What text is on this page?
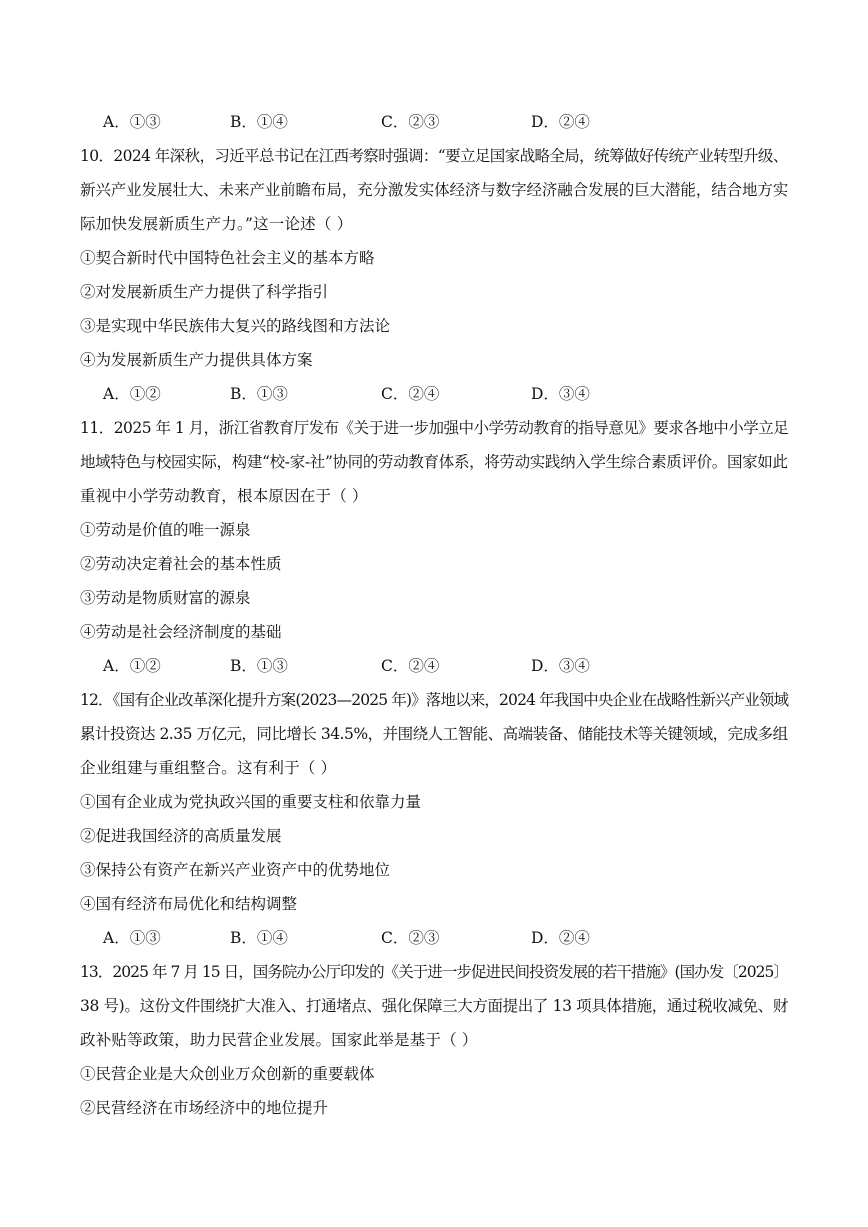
A．①③	B．①④	C．②③	D．②④
10．2024 年深秋，习近平总书记在江西考察时强调：“要立足国家战略全局，统筹做好传统产业转型升级、
新兴产业发展壮大、未来产业前瞻布局，充分激发实体经济与数字经济融合发展的巨大潜能，结合地方实
际加快发展新质生产力。”这一论述（ ）
①契合新时代中国特色社会主义的基本方略
②对发展新质生产力提供了科学指引
③是实现中华民族伟大复兴的路线图和方法论
④为发展新质生产力提供具体方案
A．①②	B．①③	C．②④	D．③④
11．2025 年 1 月，浙江省教育厅发布《关于进一步加强中小学劳动教育的指导意见》要求各地中小学立足
地域特色与校园实际，构建“校-家-社”协同的劳动教育体系，将劳动实践纳入学生综合素质评价。国家如此
重视中小学劳动教育，根本原因在于（ ）
①劳动是价值的唯一源泉
②劳动决定着社会的基本性质
③劳动是物质财富的源泉
④劳动是社会经济制度的基础
A．①②	B．①③	C．②④	D．③④
12．《国有企业改革深化提升方案(2023—2025 年)》落地以来，2024 年我国中央企业在战略性新兴产业领域
累计投资达 2.35 万亿元，同比增长 34.5%，并围绕人工智能、高端装备、储能技术等关键领域，完成多组
企业组建与重组整合。这有利于（ ）
①国有企业成为党执政兴国的重要支柱和依靠力量
②促进我国经济的高质量发展
③保持公有资产在新兴产业资产中的优势地位
④国有经济布局优化和结构调整
A．①③	B．①④	C．②③	D．②④
13．2025 年 7 月 15 日，国务院办公厅印发的《关于进一步促进民间投资发展的若干措施》(国办发〔2025〕
38 号)。这份文件围绕扩大准入、打通堵点、强化保障三大方面提出了 13 项具体措施，通过税收减免、财
政补贴等政策，助力民营企业发展。国家此举是基于（ ）
①民营企业是大众创业万众创新的重要载体
②民营经济在市场经济中的地位提升
